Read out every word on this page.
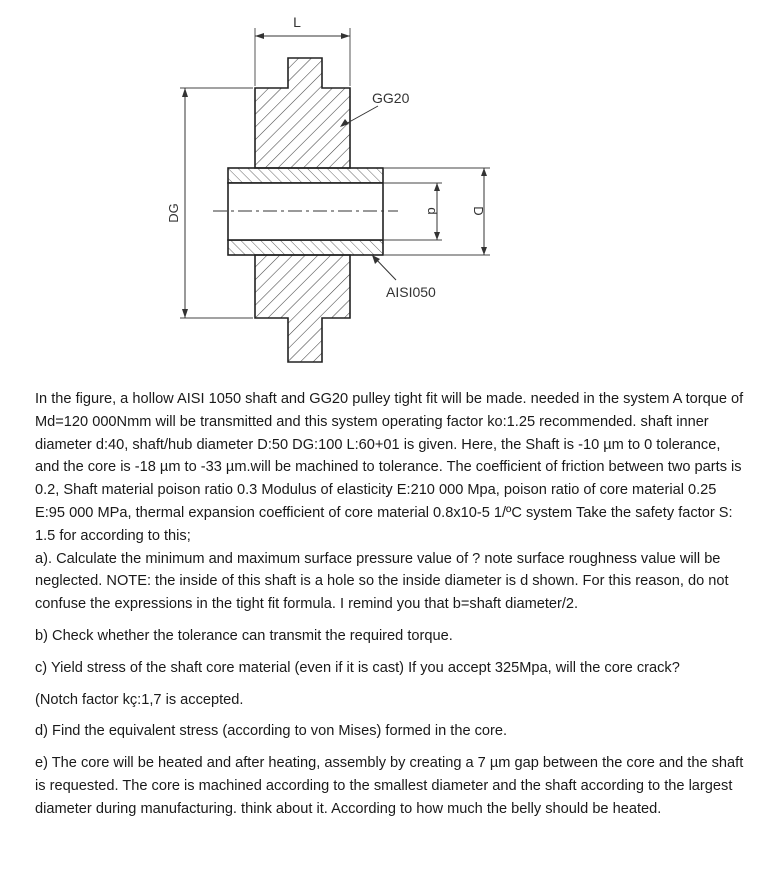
L
DG	d D
GG20
AISI050

In the figure, a hollow AISI 1050 shaft and GG20 pulley tight fit will be made. needed in the system A torque of Md=120 000Nmm will be transmitted and this system operating factor ko:1.25 recommended. shaft inner diameter d:40, shaft/hub diameter D:50 DG:100 L:60+01 is given. Here, the Shaft is -10 µm to 0 tolerance, and the core is -18 µm to -33 µm.will be machined to tolerance. The coefficient of friction between two parts is 0.2, Shaft material poison ratio 0.3 Modulus of elasticity E:210 000 Mpa, poison ratio of core material 0.25 E:95 000 MPa, thermal expansion coefficient of core material 0.8x10-5 1/ºC system Take the safety factor S: 1.5 for according to this;

a). Calculate the minimum and maximum surface pressure value of ? note surface roughness value will be neglected. NOTE: the inside of this shaft is a hole so the inside diameter is d shown. For this reason, do not confuse the expressions in the tight fit formula. I remind you that b=shaft diameter/2.

b) Check whether the tolerance can transmit the required torque.

c) Yield stress of the shaft core material (even if it is cast) If you accept 325Mpa, will the core crack?

(Notch factor kç:1,7 is accepted.

d) Find the equivalent stress (according to von Mises) formed in the core.

e) The core will be heated and after heating, assembly by creating a 7 µm gap between the core and the shaft is requested. The core is machined according to the smallest diameter and the shaft according to the largest diameter during manufacturing. think about it. According to how much the belly should be heated.
